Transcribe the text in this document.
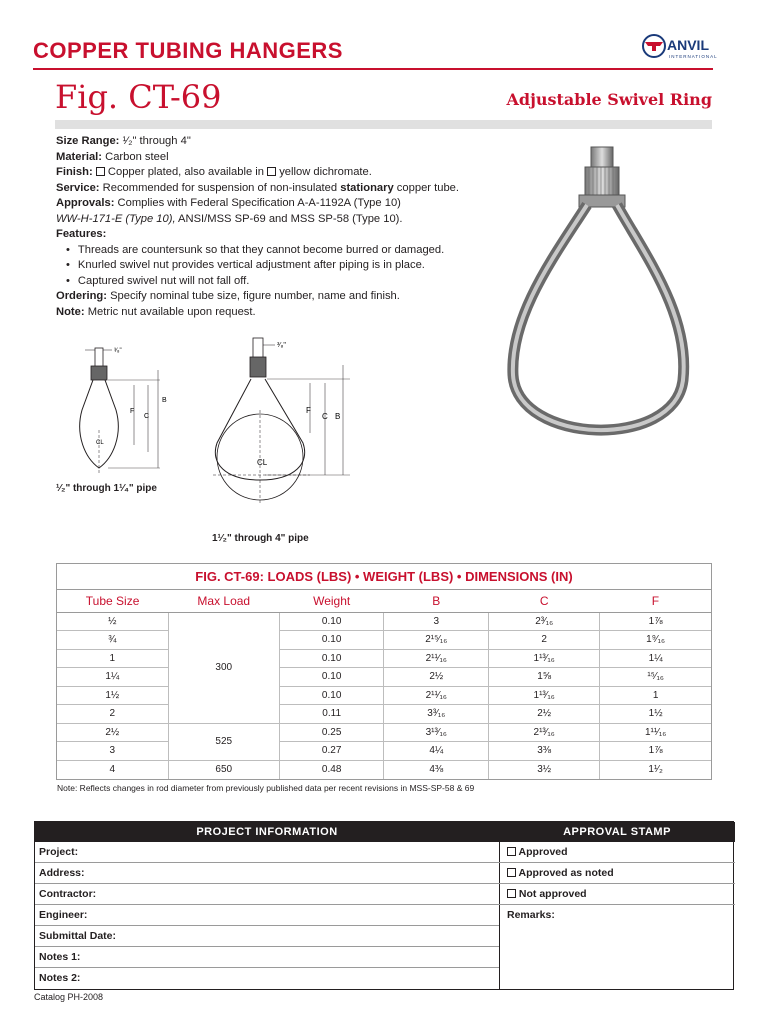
COPPER TUBING HANGERS	ANVIL
INTERNATIONAL
Fig. CT-69	Adjustable Swivel Ring
Size Range: ¹⁄₂" through 4"
Material: Carbon steel
Finish:  Copper plated, also available in  yellow dichromate.
Service: Recommended for suspension of non-insulated stationary copper tube.
Approvals: Complies with Federal Specification A-A-1192A (Type 10)
WW-H-171-E (Type 10), ANSI/MSS SP-69 and MSS SP-58 (Type 10).
Features:
• Threads are countersunk so that they cannot become burred or damaged.
• Knurled swivel nut provides vertical adjustment after piping is in place.
• Captured swivel nut will not fall off.
Ordering: Specify nominal tube size, figure number, name and finish.
Note: Metric nut available upon request.
³⁄₈"
CL
F
C
B
¹⁄₂" through 1¹⁄₄" pipe
³⁄₈"
CL
F
C B
1¹⁄₂" through 4" pipe
FIG. CT-69: LOADS (LBS) • WEIGHT (LBS) • DIMENSIONS (IN)
Tube Size	Max Load	Weight	B	C	F
½	300	0.10	3	2³⁄₁₆	1⅞
¾		0.10	2¹⁵⁄₁₆	2	1⁹⁄₁₆
1		0.10	2¹¹⁄₁₆	1¹³⁄₁₆	1¼
1¼		0.10	2½	1⅝	¹⁵⁄₁₆
1½		0.10	2¹¹⁄₁₆	1¹³⁄₁₆	1
2		0.11	3³⁄₁₆	2½	1½
2½	525	0.25	3¹³⁄₁₆	2¹³⁄₁₆	1¹¹⁄₁₆
3		0.27	4¼	3⅜	1⅞
4	650	0.48	4⅜	3½	1¹⁄₂
Note: Reflects changes in rod diameter from previously published data per recent revisions in MSS-SP-58 & 69
PROJECT INFORMATION	APPROVAL STAMP
Project:
Address:
Contractor:
Engineer:
Submittal Date:
Notes 1:
Notes 2:
Approved
Approved as noted
Not approved
Remarks:
Catalog PH-2008
